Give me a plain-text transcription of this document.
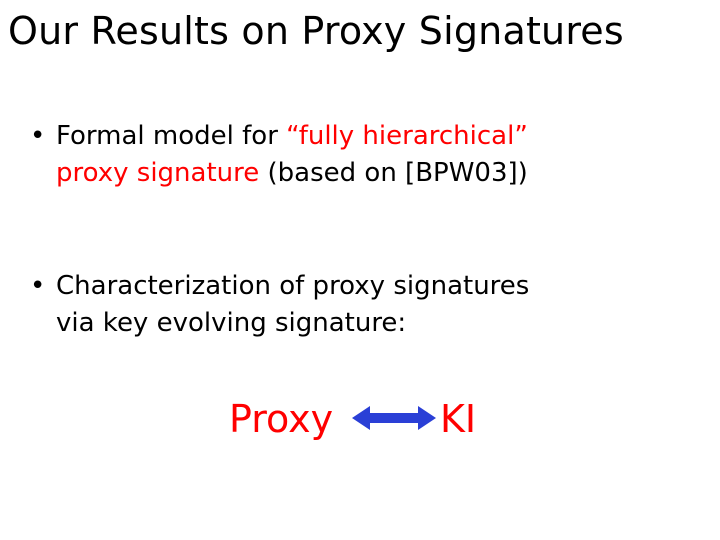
Our Results on Proxy Signatures
• Formal model for “fully hierarchical”
proxy signature (based on [BPW03])
• Characterization of proxy signatures
via key evolving signature:
Proxy	KI
